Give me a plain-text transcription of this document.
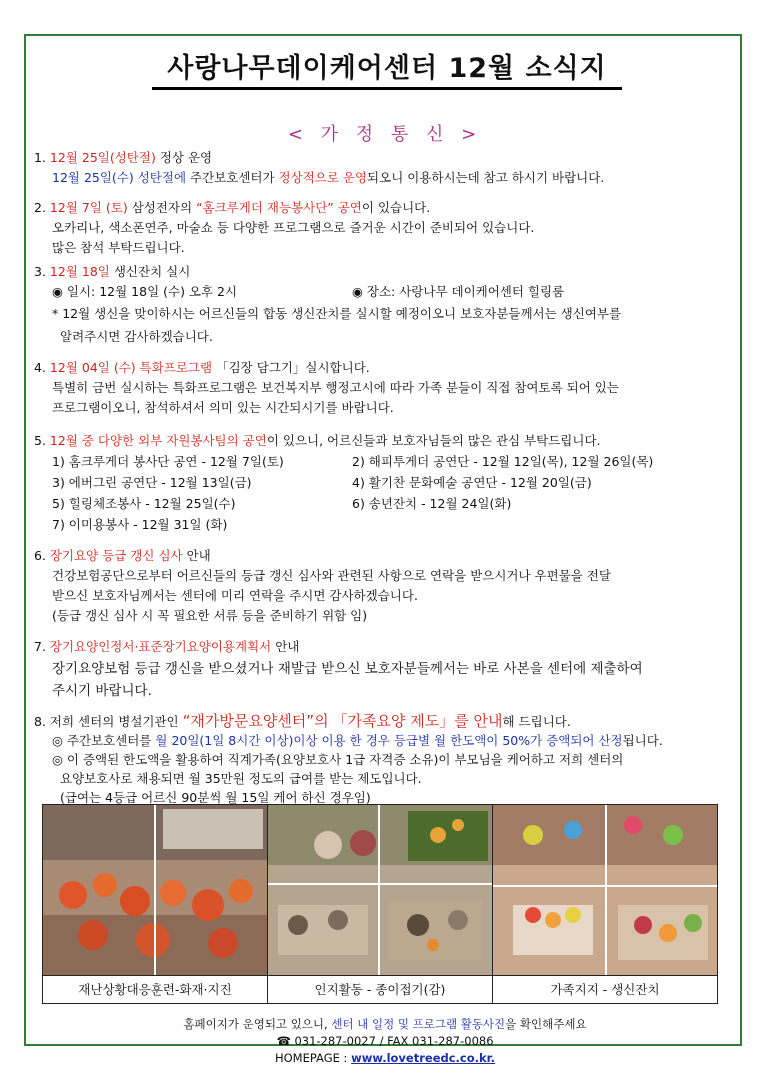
사랑나무데이케어센터 12월 소식지
< 가 정 통 신 >
1. 12월 25일(성탄절) 정상 운영
12월 25일(수) 성탄절에 주간보호센터가 정상적으로 운영되오니 이용하시는데 참고 하시기 바랍니다.
2. 12월 7일 (토) 삼성전자의 “홈크루게더 재능봉사단” 공연이 있습니다.
오카리나, 색소폰연주, 마술쇼 등 다양한 프로그램으로 즐거운 시간이 준비되어 있습니다.
많은 참석 부탁드립니다.
3. 12월 18일 생신잔치 실시
◉ 일시: 12월 18일 (수) 오후 2시	◉ 장소: 사랑나무 데이케어센터 힐링룸
* 12월 생신을 맞이하시는 어르신들의 합동 생신잔치를 실시할 예정이오니 보호자분들께서는 생신여부를
알려주시면 감사하겠습니다.
4. 12월 04일 (수) 특화프로그램 「김장 담그기」실시합니다.
특별히 금번 실시하는 특화프로그램은 보건복지부 행정고시에 따라 가족 분들이 직접 참여토록 되어 있는
프로그램이오니, 참석하셔서 의미 있는 시간되시기를 바랍니다.
5. 12월 중 다양한 외부 자원봉사팀의 공연이 있으니, 어르신들과 보호자님들의 많은 관심 부탁드립니다.
1) 홈크루게더 봉사단 공연 - 12월 7일(토)	2) 해피투게더 공연단 - 12월 12일(목), 12월 26일(목)
3) 에버그린 공연단 - 12월 13일(금)	4) 활기찬 문화예술 공연단 - 12월 20일(금)
5) 힐링체조봉사 - 12월 25일(수)	6) 송년잔치 - 12월 24일(화)
7) 이미용봉사 - 12월 31일 (화)
6. 장기요양 등급 갱신 심사 안내
건강보험공단으로부터 어르신들의 등급 갱신 심사와 관련된 사항으로 연락을 받으시거나 우편물을 전달
받으신 보호자님께서는 센터에 미리 연락을 주시면 감사하겠습니다.
(등급 갱신 심사 시 꼭 필요한 서류 등을 준비하기 위함 임)
7. 장기요양인정서·표준장기요양이용계획서 안내
장기요양보험 등급 갱신을 받으셨거나 재발급 받으신 보호자분들께서는 바로 사본을 센터에 제출하여
주시기 바랍니다.
8. 저희 센터의 병설기관인 “재가방문요양센터”의 「가족요양 제도」를 안내해 드립니다.
◎ 주간보호센터를 월 20일(1일 8시간 이상)이상 이용 한 경우 등급별 월 한도액이 50%가 증액되어 산정됩니다.
◎ 이 증액된 한도액을 활용하여 직계가족(요양보호사 1급 자격증 소유)이 부모님을 케어하고 저희 센터의
요양보호사로 채용되면 월 35만원 정도의 급여를 받는 제도입니다.
(급여는 4등급 어르신 90분씩 월 15일 케어 하신 경우임)
재난상황대응훈련-화재·지진	인지활동 - 종이접기(감)	가족지지 - 생신잔치
홈페이지가 운영되고 있으니, 센터 내 일정 및 프로그램 활동사진을 확인해주세요
☎ 031-287-0027 / FAX 031-287-0086
HOMEPAGE : www.lovetreedc.co.kr.
